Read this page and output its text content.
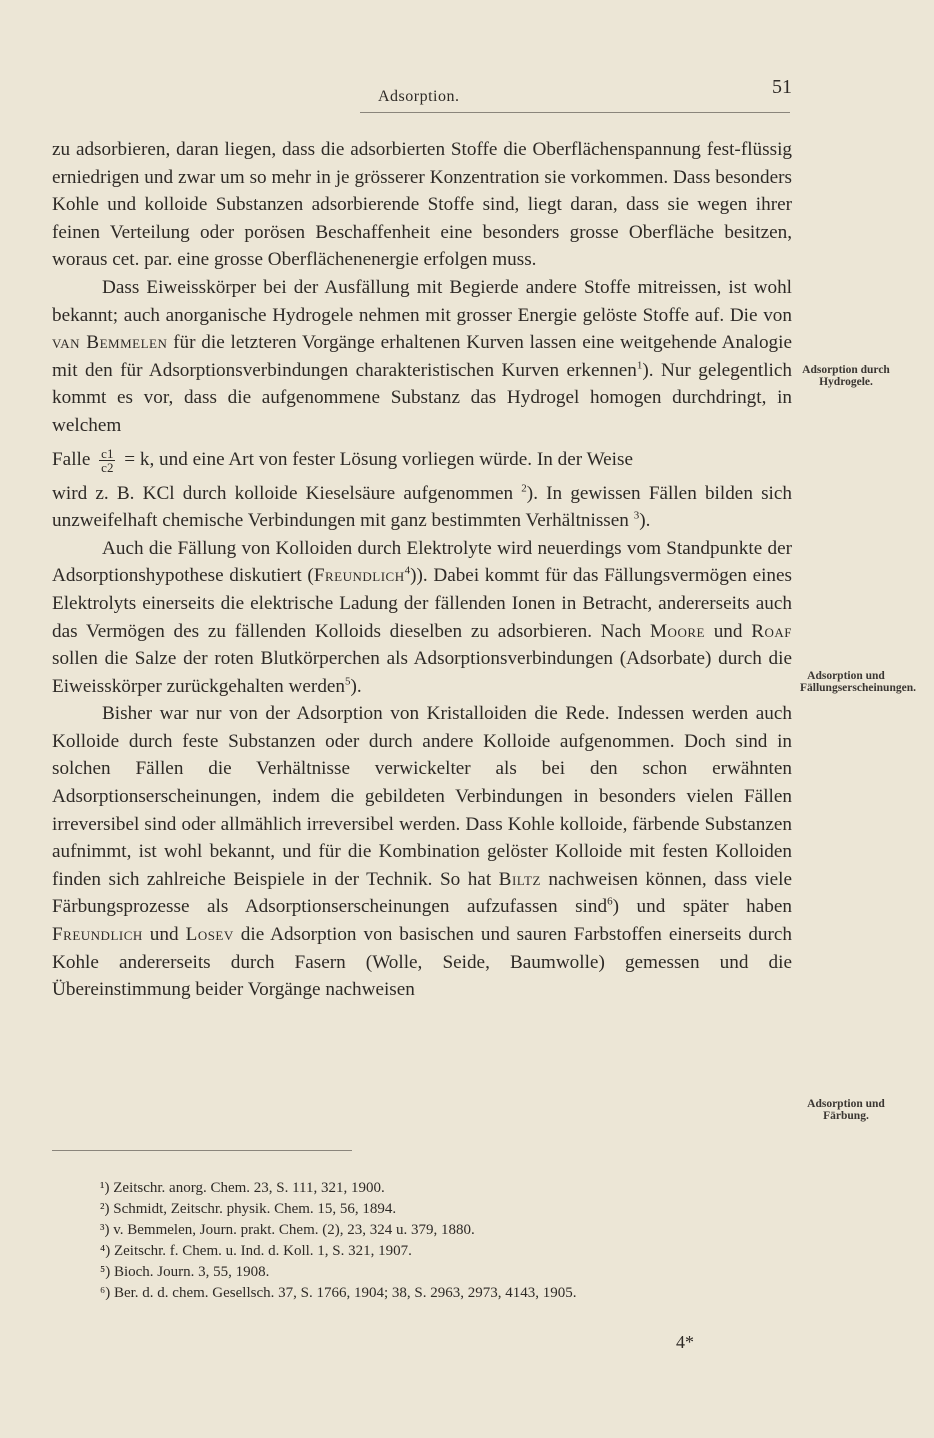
Adsorption.	51

zu adsorbieren, daran liegen, dass die adsorbierten Stoffe die Oberflächenspannung fest-flüssig erniedrigen und zwar um so mehr in je grösserer Konzentration sie vorkommen. Dass besonders Kohle und kolloide Substanzen adsorbierende Stoffe sind, liegt daran, dass sie wegen ihrer feinen Verteilung oder porösen Beschaffenheit eine besonders grosse Oberfläche besitzen, woraus cet. par. eine grosse Oberflächenenergie erfolgen muss.

Dass Eiweisskörper bei der Ausfällung mit Begierde andere Stoffe mitreissen, ist wohl bekannt; auch anorganische Hydrogele nehmen mit grosser Energie gelöste Stoffe auf. Die von van Bemmelen für die letzteren Vorgänge erhaltenen Kurven lassen eine weitgehende Analogie mit den für Adsorptionsverbindungen charakteristischen Kurven erkennen$^1$). Nur gelegentlich kommt es vor, dass die aufgenommene Substanz das Hydrogel homogen durchdringt, in welchem

Falle $\frac{c1}{c2} = k$, und eine Art von fester Lösung vorliegen würde. In der Weise

wird z. B. KCl durch kolloide Kieselsäure aufgenommen $^2$). In gewissen Fällen bilden sich unzweifelhaft chemische Verbindungen mit ganz bestimmten Verhältnissen $^3$).

Auch die Fällung von Kolloiden durch Elektrolyte wird neuerdings vom Standpunkte der Adsorptionshypothese diskutiert (Freundlich$^4$)). Dabei kommt für das Fällungsvermögen eines Elektrolyts einerseits die elektrische Ladung der fällenden Ionen in Betracht, andererseits auch das Vermögen des zu fällenden Kolloids dieselben zu adsorbieren. Nach Moore und Roaf sollen die Salze der roten Blutkörperchen als Adsorptionsverbindungen (Adsorbate) durch die Eiweisskörper zurückgehalten werden$^5$).

Bisher war nur von der Adsorption von Kristalloiden die Rede. Indessen werden auch Kolloide durch feste Substanzen oder durch andere Kolloide aufgenommen. Doch sind in solchen Fällen die Verhältnisse verwickelter als bei den schon erwähnten Adsorptionserscheinungen, indem die gebildeten Verbindungen in besonders vielen Fällen irreversibel sind oder allmählich irreversibel werden. Dass Kohle kolloide, färbende Substanzen aufnimmt, ist wohl bekannt, und für die Kombination gelöster Kolloide mit festen Kolloiden finden sich zahlreiche Beispiele in der Technik. So hat Biltz nachweisen können, dass viele Färbungsprozesse als Adsorptionserscheinungen aufzufassen sind$^6$) und später haben Freundlich und Losev die Adsorption von basischen und sauren Farbstoffen einerseits durch Kohle andererseits durch Fasern (Wolle, Seide, Baumwolle) gemessen und die Übereinstimmung beider Vorgänge nachweisen

Adsorption durch Hydrogele.
Adsorption und Fällungserscheinungen.
Adsorption und Färbung.
¹) Zeitschr. anorg. Chem. 23, S. 111, 321, 1900.
²) Schmidt, Zeitschr. physik. Chem. 15, 56, 1894.
³) v. Bemmelen, Journ. prakt. Chem. (2), 23, 324 u. 379, 1880.
⁴) Zeitschr. f. Chem. u. Ind. d. Koll. 1, S. 321, 1907.
⁵) Bioch. Journ. 3, 55, 1908.
⁶) Ber. d. d. chem. Gesellsch. 37, S. 1766, 1904; 38, S. 2963, 2973, 4143, 1905.
4*
